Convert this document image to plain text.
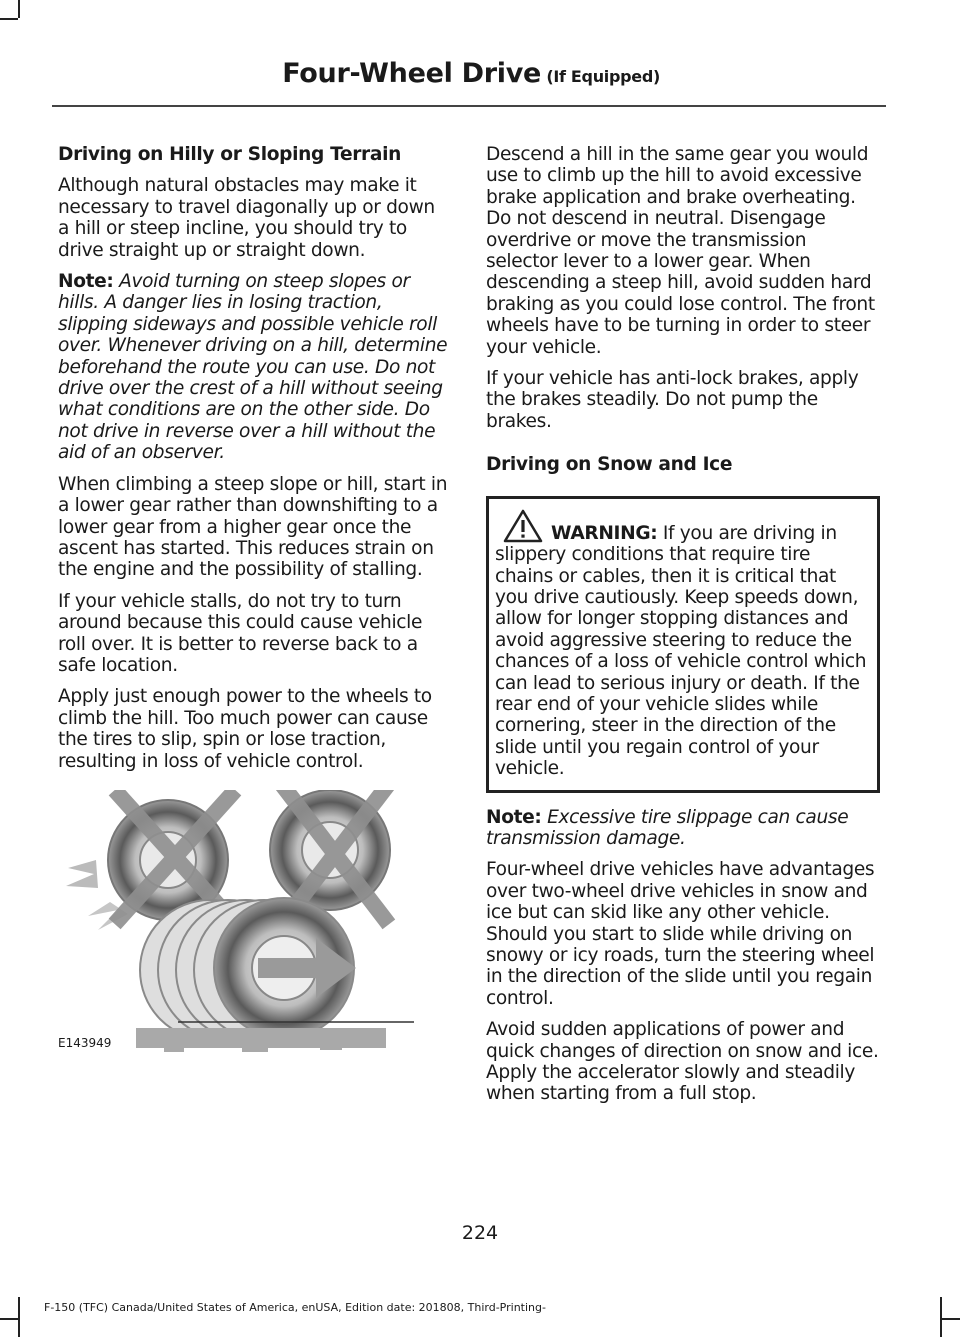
Four-Wheel Drive (If Equipped)
Driving on Hilly or Sloping Terrain

Although natural obstacles may make it necessary to travel diagonally up or down a hill or steep incline, you should try to drive straight up or straight down.

Note: Avoid turning on steep slopes or hills. A danger lies in losing traction, slipping sideways and possible vehicle roll over. Whenever driving on a hill, determine beforehand the route you can use. Do not drive over the crest of a hill without seeing what conditions are on the other side. Do not drive in reverse over a hill without the aid of an observer.

When climbing a steep slope or hill, start in a lower gear rather than downshifting to a lower gear from a higher gear once the ascent has started. This reduces strain on the engine and the possibility of stalling.

If your vehicle stalls, do not try to turn around because this could cause vehicle roll over. It is better to reverse back to a safe location.

Apply just enough power to the wheels to climb the hill. Too much power can cause the tires to slip, spin or lose traction, resulting in loss of vehicle control.

E143949

Descend a hill in the same gear you would use to climb up the hill to avoid excessive brake application and brake overheating. Do not descend in neutral. Disengage overdrive or move the transmission selector lever to a lower gear. When descending a steep hill, avoid sudden hard braking as you could lose control. The front wheels have to be turning in order to steer your vehicle.

If your vehicle has anti-lock brakes, apply the brakes steadily. Do not pump the brakes.

Driving on Snow and Ice
WARNING: If you are driving in slippery conditions that require tire chains or cables, then it is critical that you drive cautiously. Keep speeds down, allow for longer stopping distances and avoid aggressive steering to reduce the chances of a loss of vehicle control which can lead to serious injury or death. If the rear end of your vehicle slides while cornering, steer in the direction of the slide until you regain control of your vehicle.

Note: Excessive tire slippage can cause transmission damage.

Four-wheel drive vehicles have advantages over two-wheel drive vehicles in snow and ice but can skid like any other vehicle. Should you start to slide while driving on snowy or icy roads, turn the steering wheel in the direction of the slide until you regain control.

Avoid sudden applications of power and quick changes of direction on snow and ice. Apply the accelerator slowly and steadily when starting from a full stop.

224
F-150 (TFC) Canada/United States of America, enUSA, Edition date: 201808, Third-Printing-
